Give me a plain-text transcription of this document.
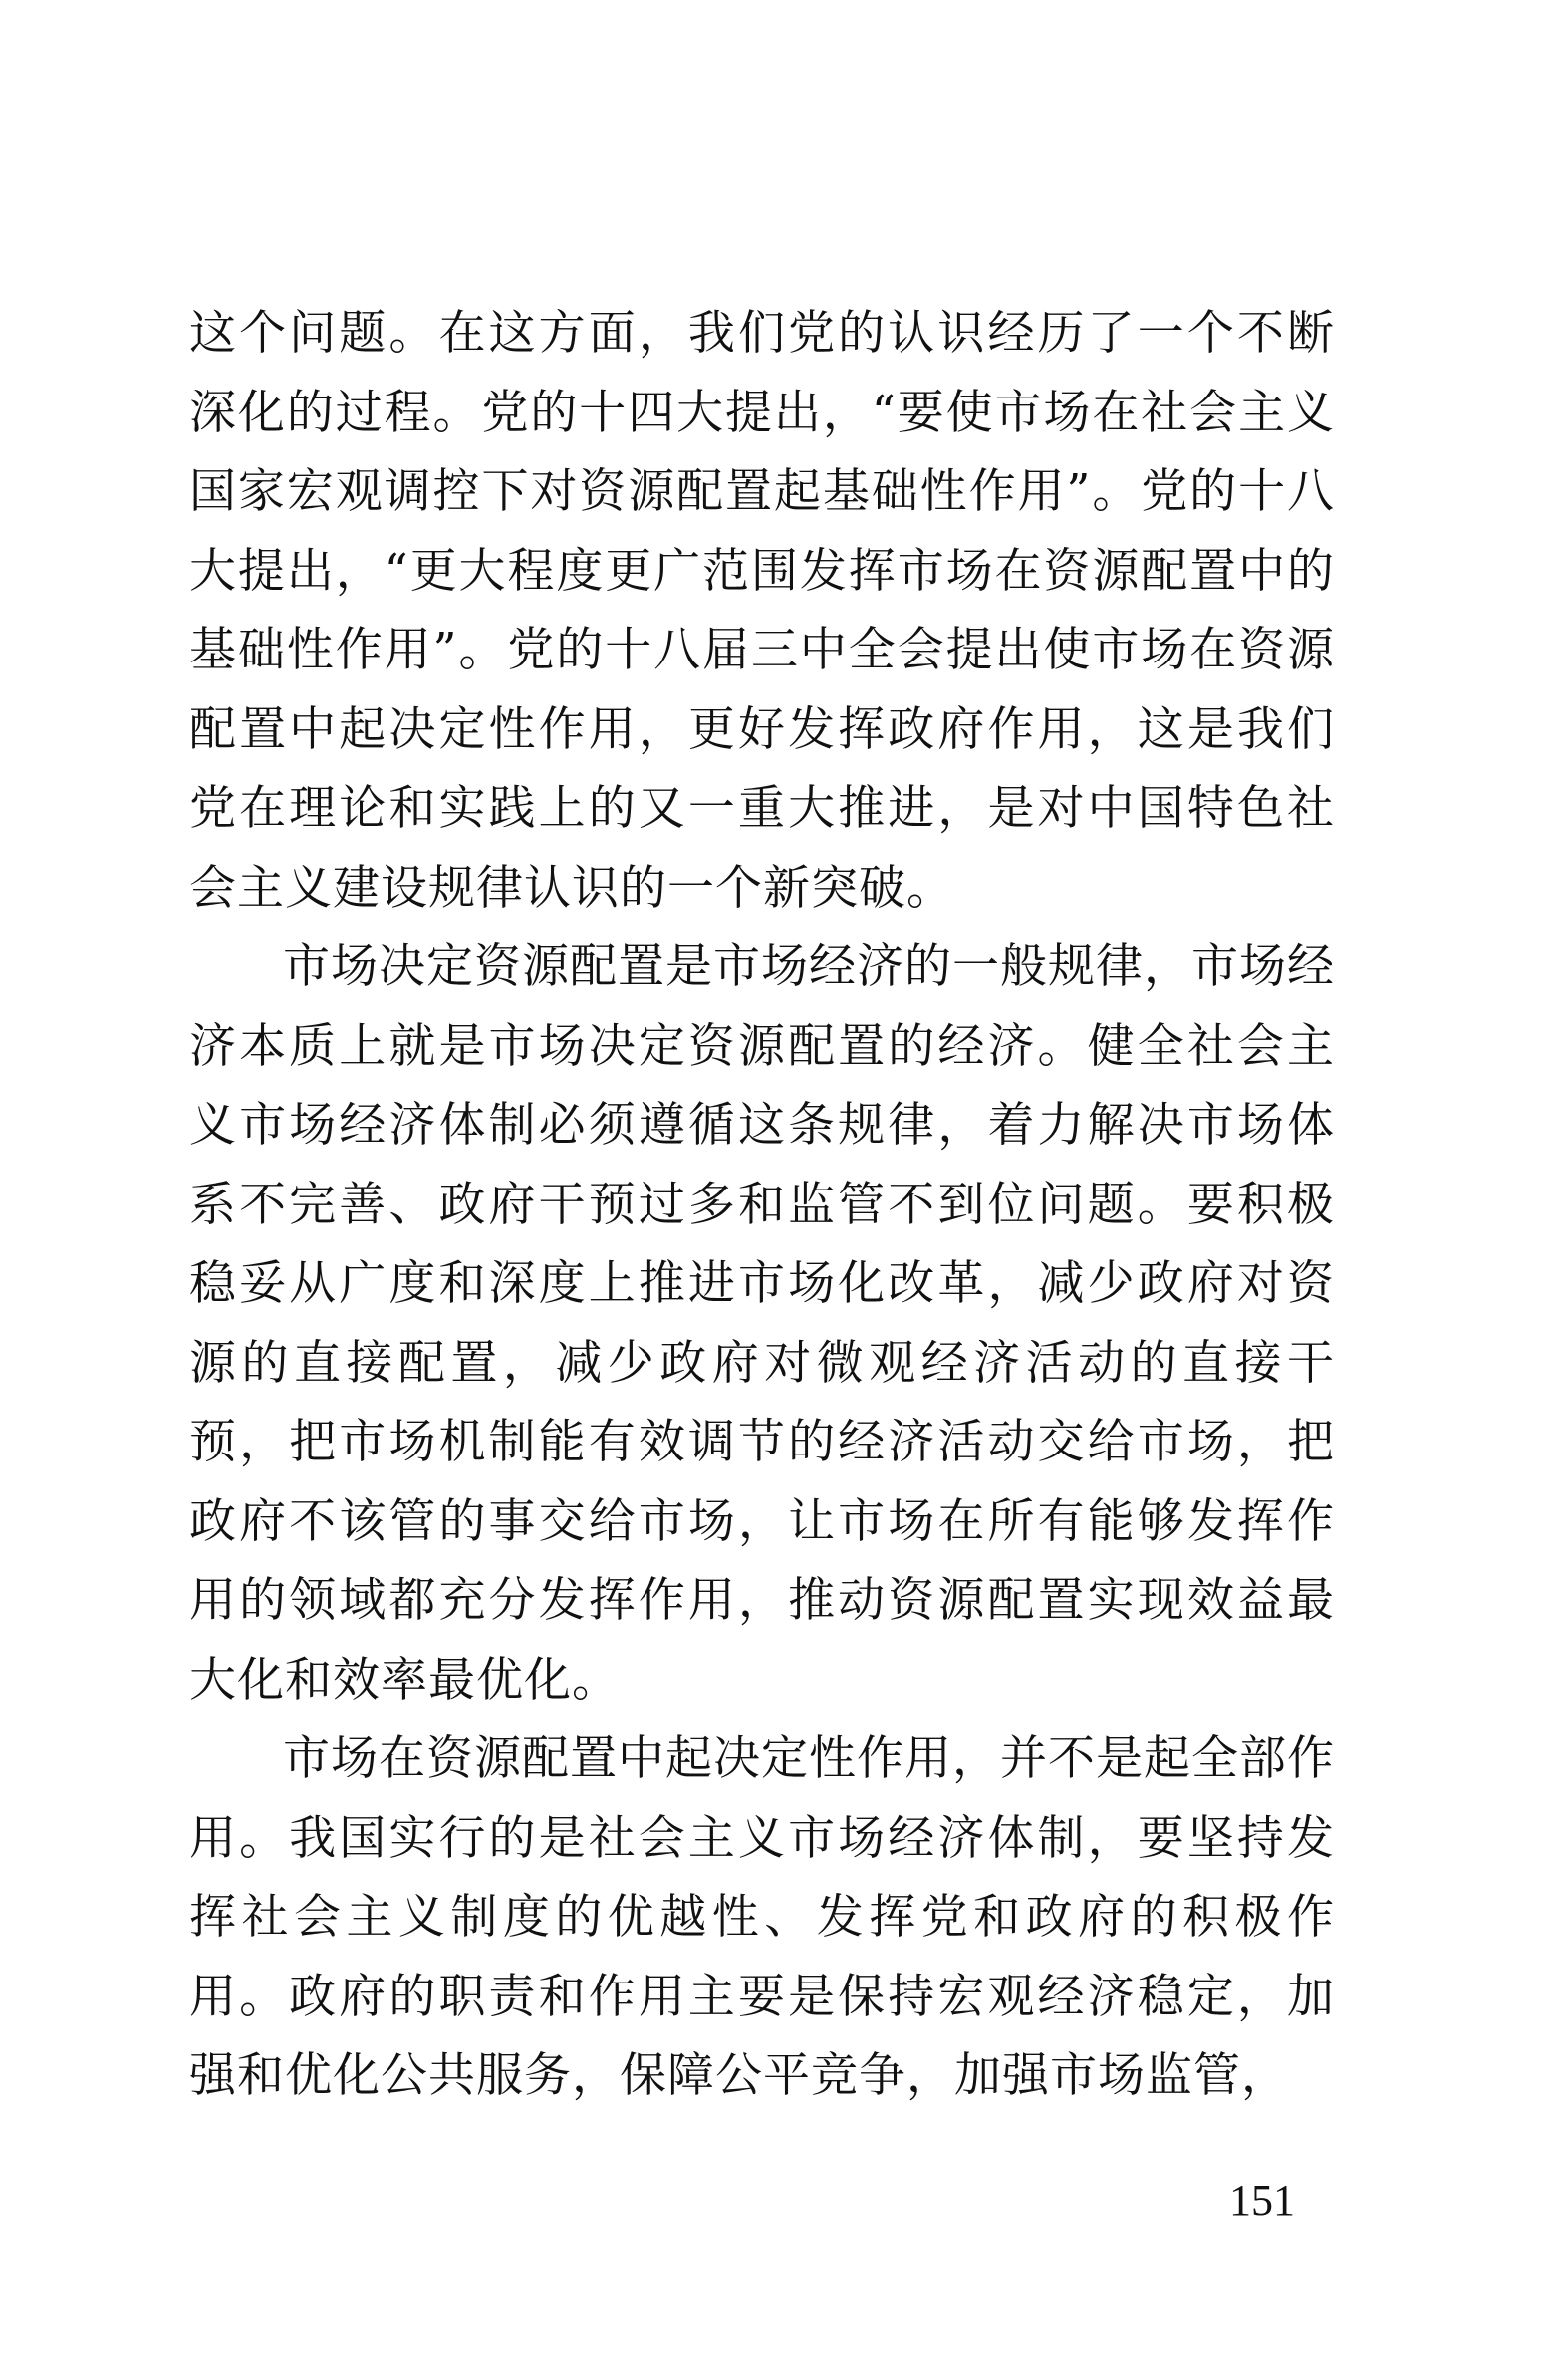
这个问题。在这方面，我们党的认识经历了一个不断深化的过程。党的十四大提出，“要使市场在社会主义国家宏观调控下对资源配置起基础性作用”。党的十八大提出，“更大程度更广范围发挥市场在资源配置中的基础性作用”。党的十八届三中全会提出使市场在资源配置中起决定性作用，更好发挥政府作用，这是我们党在理论和实践上的又一重大推进，是对中国特色社会主义建设规律认识的一个新突破。

市场决定资源配置是市场经济的一般规律，市场经济本质上就是市场决定资源配置的经济。健全社会主义市场经济体制必须遵循这条规律，着力解决市场体系不完善、政府干预过多和监管不到位问题。要积极稳妥从广度和深度上推进市场化改革，减少政府对资源的直接配置，减少政府对微观经济活动的直接干预，把市场机制能有效调节的经济活动交给市场，把政府不该管的事交给市场，让市场在所有能够发挥作用的领域都充分发挥作用，推动资源配置实现效益最大化和效率最优化。

市场在资源配置中起决定性作用，并不是起全部作用。我国实行的是社会主义市场经济体制，要坚持发挥社会主义制度的优越性、发挥党和政府的积极作用。政府的职责和作用主要是保持宏观经济稳定，加强和优化公共服务，保障公平竞争，加强市场监管，

151
